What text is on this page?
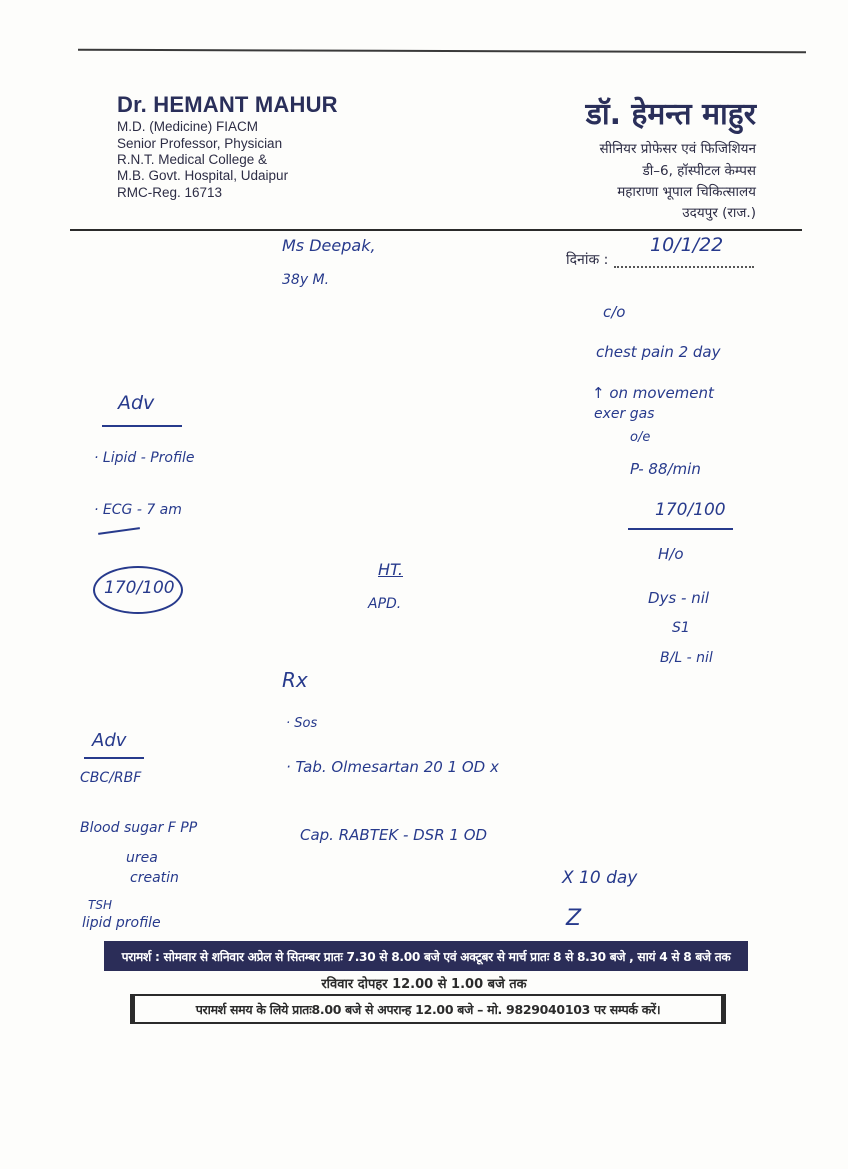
Dr. HEMANT MAHUR
M.D. (Medicine) FIACM
Senior Professor, Physician
R.N.T. Medical College &
M.B. Govt. Hospital, Udaipur
RMC-Reg. 16713
डॉ. हेमन्त माहुर
सीनियर प्रोफेसर एवं फिजिशियन
डी–6, हॉस्पीटल केम्पस
महाराणा भूपाल चिकित्सालय
उदयपुर (राज.)
दिनांक :
10/1/22
Ms Deepak,
38y M.
c/o
chest pain 2 day
↑ on movement
exer gas
o/e
P- 88/min
170/100
H/o
Dys - nil
S1
B/L - nil
Adv
· Lipid - Profile
· ECG - 7 am
170/100
HT.
APD.
Rx
· Sos
· Tab. Olmesartan 20 1 OD x
Cap. RABTEK - DSR 1 OD
X 10 day
Z
Adv
CBC/RBF
Blood sugar F PP
urea
creatin
TSH
lipid profile
परामर्श : सोमवार से शनिवार अप्रेल से सितम्बर प्रातः 7.30 से 8.00 बजे एवं अक्टूबर से मार्च प्रातः 8 से 8.30 बजे , सायं 4 से 8 बजे तक
रविवार दोपहर 12.00 से 1.00 बजे तक
परामर्श समय के लिये प्रातः8.00 बजे से अपरान्ह 12.00 बजे – मो. 9829040103 पर सम्पर्क करें।
